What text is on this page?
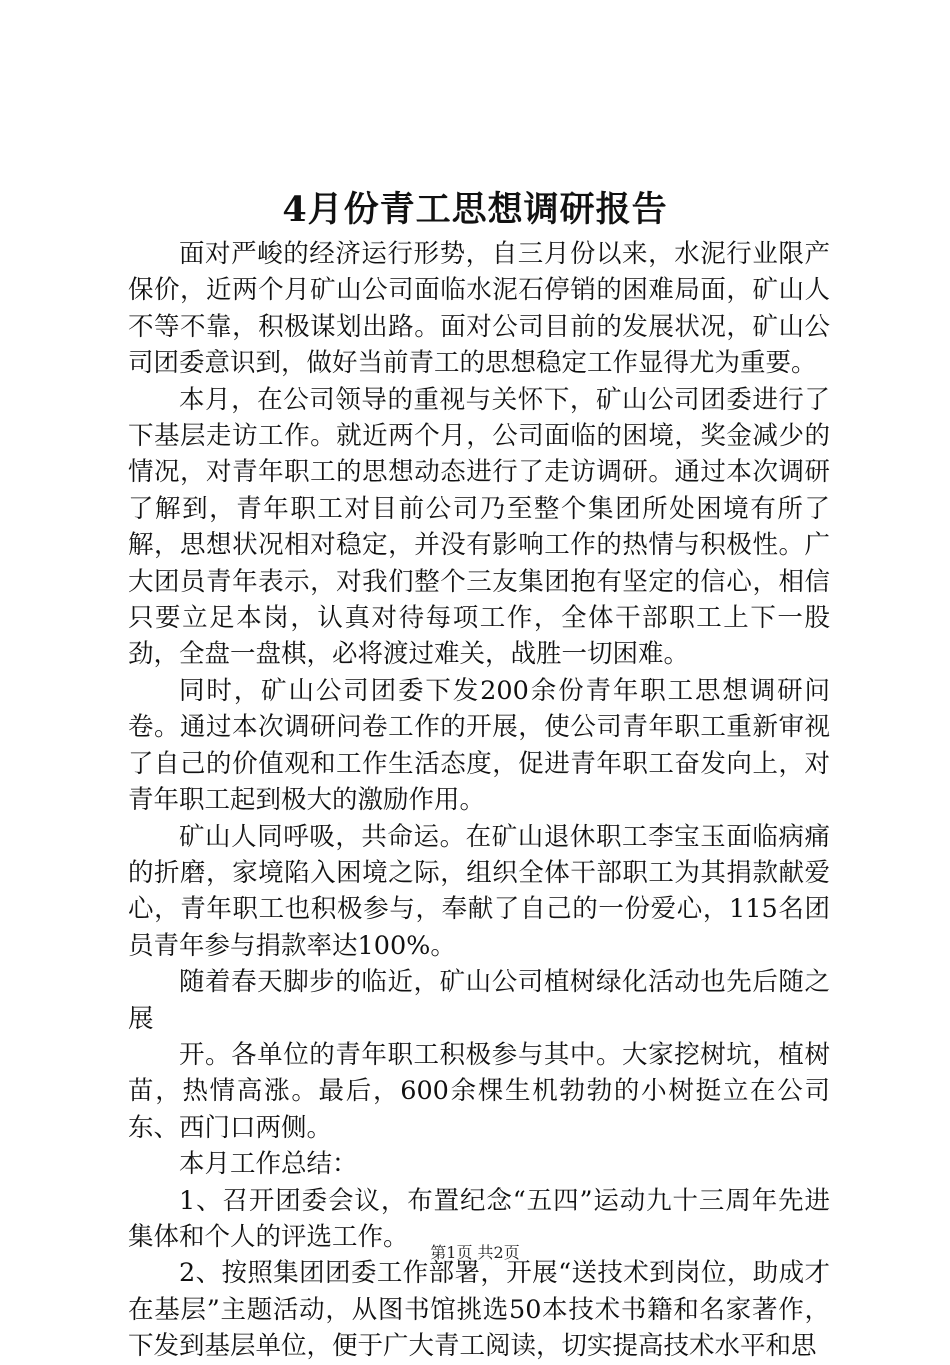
4月份青工思想调研报告

面对严峻的经济运行形势，自三月份以来，水泥行业限产保价，近两个月矿山公司面临水泥石停销的困难局面，矿山人不等不靠，积极谋划出路。面对公司目前的发展状况，矿山公司团委意识到，做好当前青工的思想稳定工作显得尤为重要。

本月，在公司领导的重视与关怀下，矿山公司团委进行了下基层走访工作。就近两个月，公司面临的困境，奖金减少的情况，对青年职工的思想动态进行了走访调研。通过本次调研了解到，青年职工对目前公司乃至整个集团所处困境有所了解，思想状况相对稳定，并没有影响工作的热情与积极性。广大团员青年表示，对我们整个三友集团抱有坚定的信心，相信只要立足本岗，认真对待每项工作，全体干部职工上下一股劲，全盘一盘棋，必将渡过难关，战胜一切困难。

同时，矿山公司团委下发200余份青年职工思想调研问卷。通过本次调研问卷工作的开展，使公司青年职工重新审视了自己的价值观和工作生活态度，促进青年职工奋发向上，对青年职工起到极大的激励作用。

矿山人同呼吸，共命运。在矿山退休职工李宝玉面临病痛的折磨，家境陷入困境之际，组织全体干部职工为其捐款献爱心，青年职工也积极参与，奉献了自己的一份爱心，115名团员青年参与捐款率达100%。

随着春天脚步的临近，矿山公司植树绿化活动也先后随之展

开。各单位的青年职工积极参与其中。大家挖树坑，植树苗，热情高涨。最后，600余棵生机勃勃的小树挺立在公司东、西门口两侧。

本月工作总结：

1、召开团委会议，布置纪念“五四”运动九十三周年先进集体和个人的评选工作。

2、按照集团团委工作部署，开展“送技术到岗位，助成才在基层”主题活动，从图书馆挑选50本技术书籍和名家著作，下发到基层单位，便于广大青工阅读，切实提高技术水平和思

第1页 共2页
